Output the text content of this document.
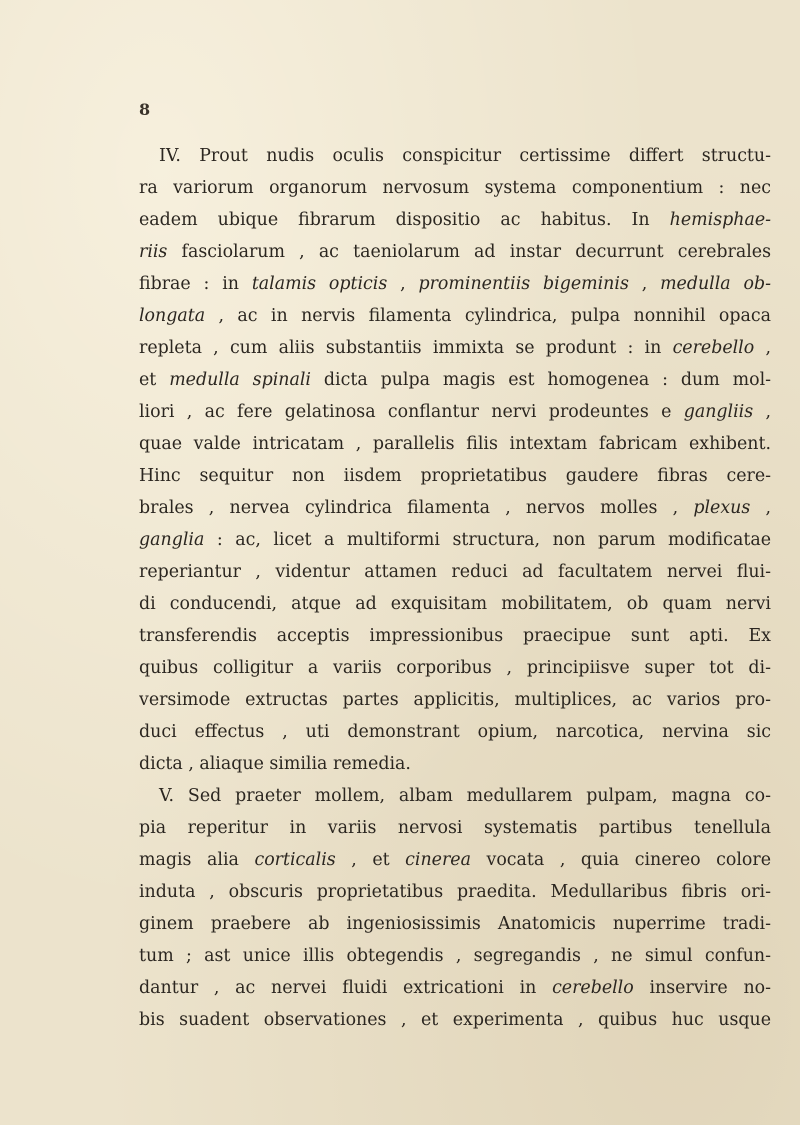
8
IV. Prout nudis oculis conspicitur certissime differt structu-
ra variorum organorum nervosum systema componentium : nec
eadem ubique fibrarum dispositio ac habitus. In hemisphae-
riis fasciolarum , ac taeniolarum ad instar decurrunt cerebrales
fibrae : in talamis opticis , prominentiis bigeminis , medulla ob-
longata , ac in nervis filamenta cylindrica, pulpa nonnihil opaca
repleta , cum aliis substantiis immixta se produnt : in cerebello ,
et medulla spinali dicta pulpa magis est homogenea : dum mol-
liori , ac fere gelatinosa conflantur nervi prodeuntes e gangliis ,
quae valde intricatam , parallelis filis intextam fabricam exhibent.
Hinc sequitur non iisdem proprietatibus gaudere fibras cere-
brales , nervea cylindrica filamenta , nervos molles , plexus ,
ganglia : ac, licet a multiformi structura, non parum modificatae
reperiantur , videntur attamen reduci ad facultatem nervei flui-
di conducendi, atque ad exquisitam mobilitatem, ob quam nervi
transferendis acceptis impressionibus praecipue sunt apti. Ex
quibus colligitur a variis corporibus , principiisve super tot di-
versimode extructas partes applicitis, multiplices, ac varios pro-
duci effectus , uti demonstrant opium, narcotica, nervina sic
dicta , aliaque similia remedia.
V. Sed praeter mollem, albam medullarem pulpam, magna co-
pia reperitur in variis nervosi systematis partibus tenellula
magis alia corticalis , et cinerea vocata , quia cinereo colore
induta , obscuris proprietatibus praedita. Medullaribus fibris ori-
ginem praebere ab ingeniosissimis Anatomicis nuperrime tradi-
tum ; ast unice illis obtegendis , segregandis , ne simul confun-
dantur , ac nervei fluidi extricationi in cerebello inservire no-
bis suadent observationes , et experimenta , quibus huc usque
